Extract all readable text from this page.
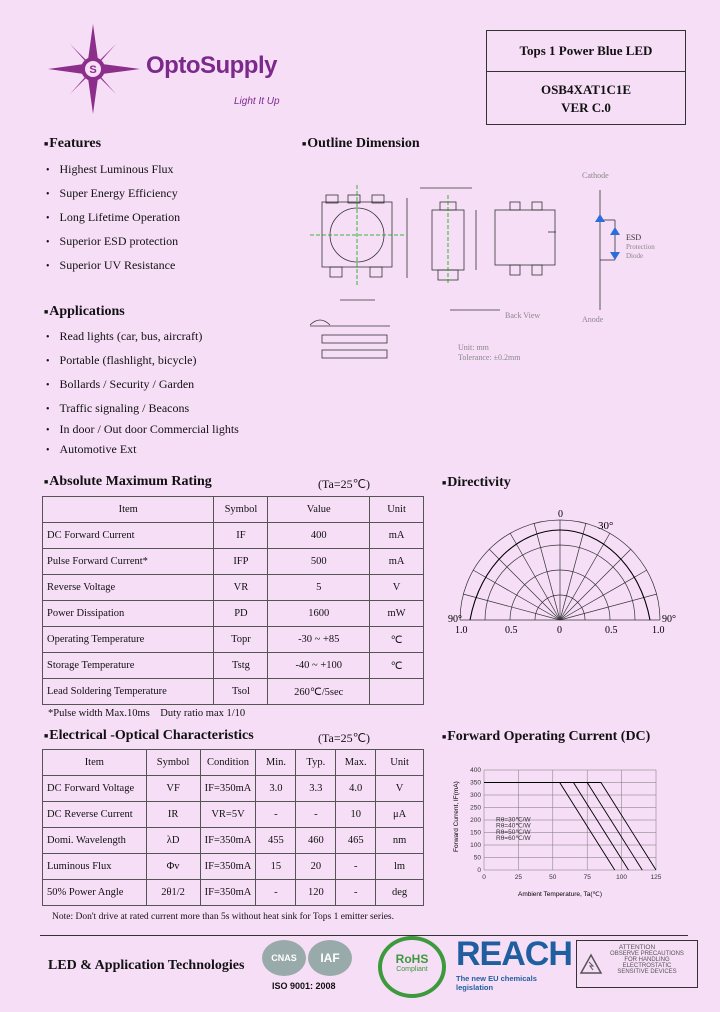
S OptoSupply
Light It Up
Tops 1 Power Blue LED
OSB4XAT1C1E
VER C.0
■ Features
• Highest Luminous Flux
• Super Energy Efficiency
• Long Lifetime Operation
• Superior ESD protection
• Superior UV Resistance
■ Applications
• Read lights (car, bus, aircraft)
• Portable (flashlight, bicycle)
• Bollards / Security / Garden
• Traffic signaling / Beacons
• In door / Out door Commercial lights
• Automotive Ext
■ Outline Dimension
Cathode
ESD
Protection
Diode
Anode
Back View
Unit: mm
Tolerance: ±0.2mm
■ Absolute Maximum Rating	(Ta=25℃)
Item	Symbol	Value	Unit
DC Forward Current	IF	400	mA
Pulse Forward Current*	IFP	500	mA
Reverse Voltage	VR	5	V
Power Dissipation	PD	1600	mW
Operating Temperature	Topr	-30 ~ +85	℃
Storage Temperature	Tstg	-40 ~ +100	℃
Lead Soldering Temperature	Tsol	260℃/5sec	
*Pulse width Max.10ms    Duty ratio max 1/10
■ Electrical -Optical Characteristics	(Ta=25℃)
Item	Symbol	Condition	Min.	Typ.	Max.	Unit
DC Forward Voltage	VF	IF=350mA	3.0	3.3	4.0	V
DC Reverse Current	IR	VR=5V	-	-	10	μA
Domi. Wavelength	λD	IF=350mA	455	460	465	nm
Luminous Flux	Φv	IF=350mA	15	20	-	lm
50% Power Angle	2θ1/2	IF=350mA	-	120	-	deg
Note: Don't drive at rated current more than 5s without heat sink for Tops 1 emitter series.
■ Directivity
0
30°
90°	90°
1.0	0.5	0	0.5	1.0
■ Forward Operating Current (DC)
0
50
100
150
200
250
300
350
400
0	25	50	75	100	125
Rθ=30℃/W
Rθ=40℃/W
Rθ=50℃/W
Rθ=60℃/W
Forward Current, IF(mA)
Ambient Temperature, Ta(℃)
LED & Application Technologies	CNAS	IAF
ISO 9001: 2008
RoHS
Compliant REACH
The new EU chemicals legislation
ATTENTION
OBSERVE PRECAUTIONS
FOR HANDLING
ELECTROSTATIC
SENSITIVE DEVICES
